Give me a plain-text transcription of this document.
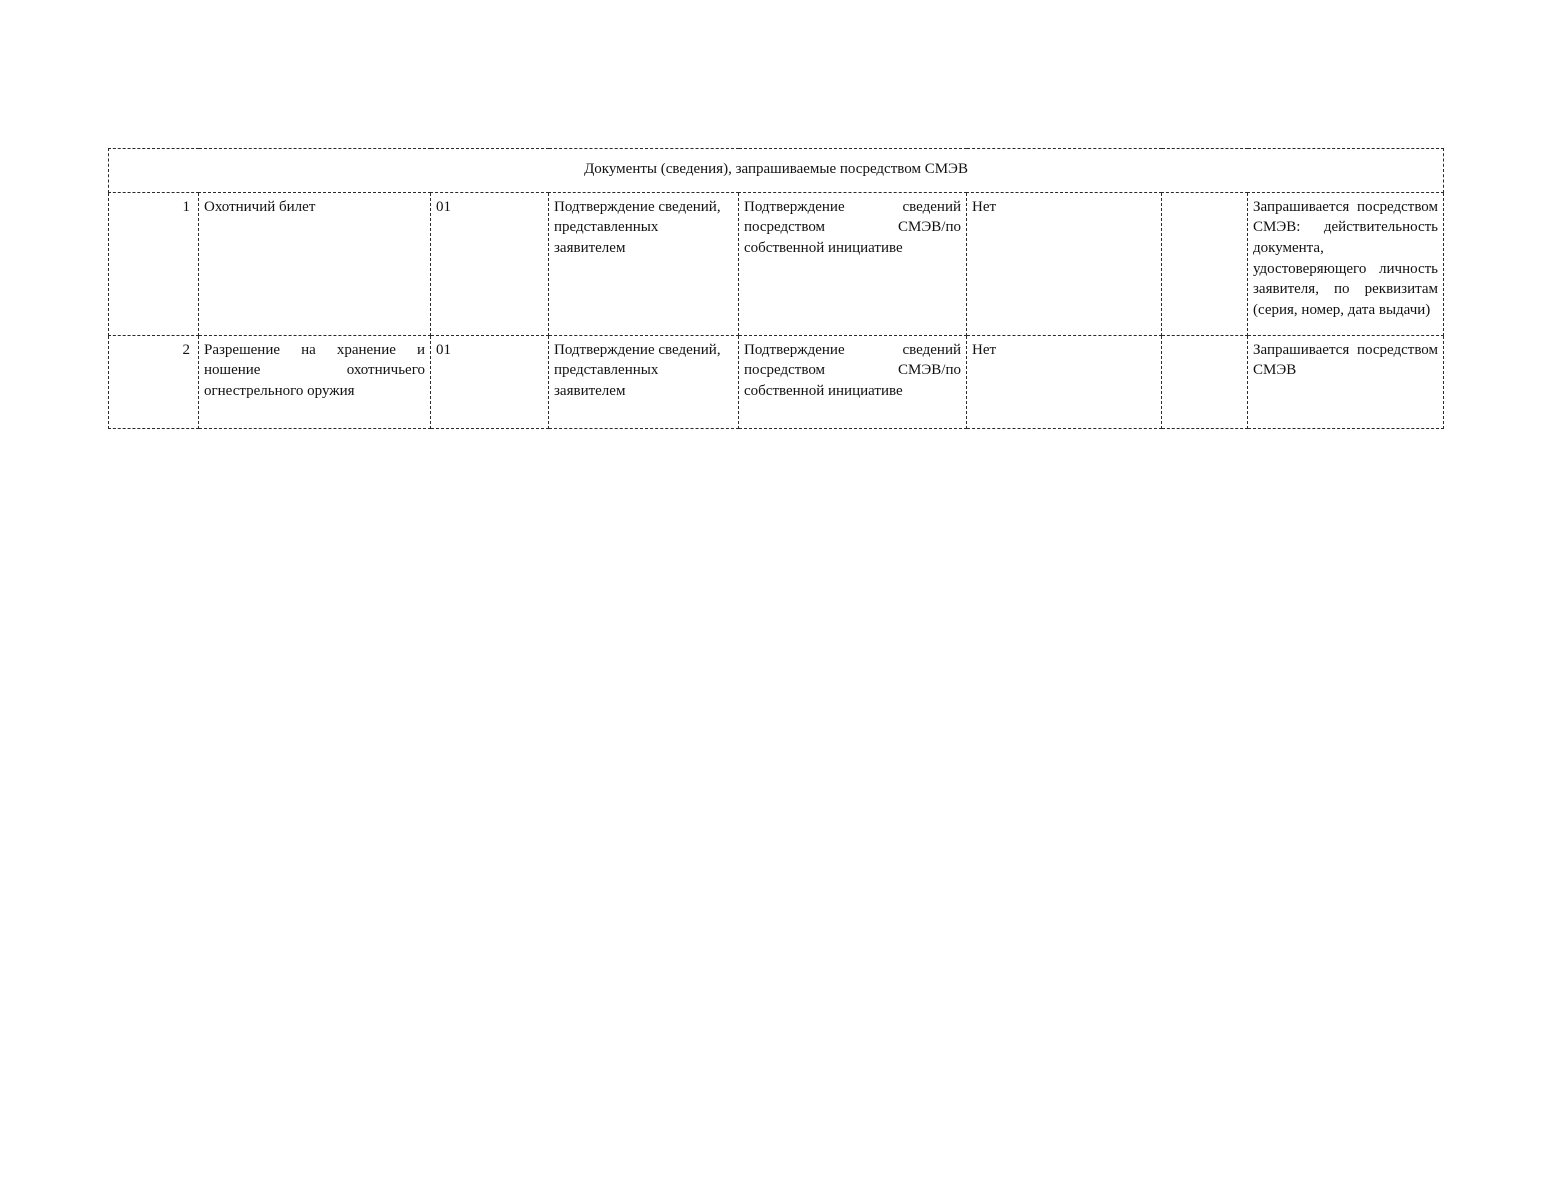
Документы (сведения), запрашиваемые посредством СМЭВ							
1	Охотничий билет	01	Подтверждение сведений, представленных заявителем	Подтверждение сведений посредством СМЭВ/по собственной инициативе	Нет		Запрашивается посредством СМЭВ: действительность документа, удостоверяющего личность заявителя, по реквизитам (серия, номер, дата выдачи)
2	Разрешение на хранение и ношение охотничьего огнестрельного оружия	01	Подтверждение сведений, представленных заявителем	Подтверждение сведений посредством СМЭВ/по собственной инициативе	Нет		Запрашивается посредством СМЭВ
